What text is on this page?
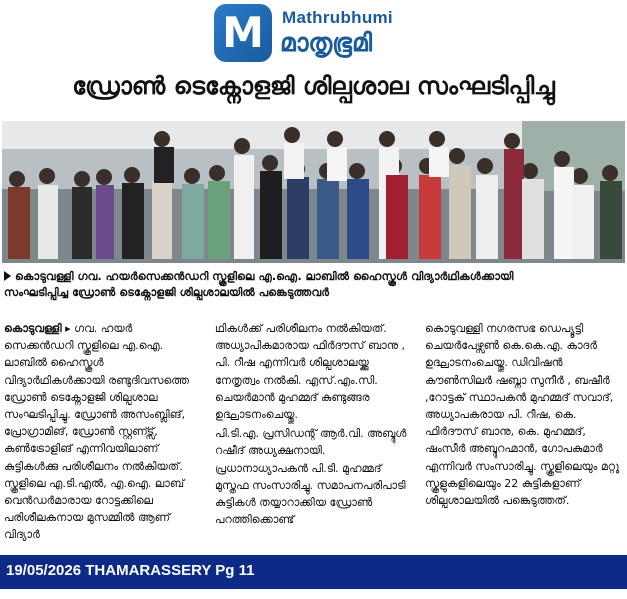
M	Mathrubhumi
മാതൃഭൂമി
ഡ്രോൺ ടെക്നോളജി ശില്പശാല സംഘടിപ്പിച്ചു
കൊടുവള്ളി ഗവ. ഹയർസെക്കൻഡറി സ്കൂളിലെ എ.ഐ. ലാബിൽ ഹൈസ്കൂൾ വിദ്യാർഥികൾക്കായി
സംഘടിപ്പിച്ച ഡ്രോൺ ടെക്നോളജി ശില്പശാലയിൽ പങ്കെടുത്തവർ

കൊടുവള്ളി ▸ ഗവ. ഹയർ സെക്കൻഡറി സ്കൂളിലെ എ.ഐ. ലാബിൽ ഹൈസ്കൂൾ വിദ്യാർഥികൾക്കായി രണ്ടുദിവസത്തെ ഡ്രോൺ ടെക്നോളജി ശില്പശാല സംഘടിപ്പിച്ചു. ഡ്രോൺ അസംബ്ലിങ്, പ്രോഗ്രാമിങ്, ഡ്രോൺ സ്റ്റണ്ട്സ്, കൺട്രോളിങ് എന്നിവയിലാണ് കുട്ടികൾക്കു പരിശീലനം നൽകിയത്. സ്കൂളിലെ എ.ടി.എൽ, എ.ഐ. ലാബ് വെൻഡർമാരായ റോട്ടക്കിലെ പരിശീലകനായ മുസമ്മിൽ ആണ് വിദ്യാർ

ഥികൾക്ക് പരിശീലനം നൽകിയത്. അധ്യാപികമാരായ ഫിർദൗസ് ബാനു , പി. റീഷ എന്നിവർ ശില്പശാലയ്ക്കു നേതൃത്വം നൽകി. എസ്.എം.സി. ചെയർമാൻ മുഹമ്മദ് കുണ്ടുങ്ങര ഉദ്ഘാടനംചെയ്തു.

പി.ടി.എ. പ്രസിഡന്റ് ആർ.വി. അബ്ദുൾ റഷീദ് അധ്യക്ഷനായി. പ്രധാനാധ്യാപകൻ പി.ടി. മുഹമ്മദ് മുസ്തഫ സംസാരിച്ചു. സമാപനപരിപാടി കുട്ടികൾ തയ്യാറാക്കിയ ഡ്രോൺ പറത്തിക്കൊണ്ട്

കൊടുവള്ളി നഗരസഭ ഡെപ്യൂട്ടി ചെയർപേഴ്സൺ കെ.കെ.എ. കാദർ ഉദ്ഘാടനംചെയ്തു. ഡിവിഷൻ കൗൺസിലർ ഷബ്നാ സുനീർ , ബഷീർ ,റോട്ടക് സ്ഥാപകൻ മുഹമ്മദ് സവാദ്, അധ്യാപകരായ പി. റീഷ, കെ. ഫിർദൗസ് ബാനു, കെ. മുഹമ്മദ്, ഷംസീർ അബ്ദുറഹ്മാൻ, ഗോപകുമാർ എന്നിവർ സംസാരിച്ചു. സ്കൂളിലെയും മറ്റു സ്കൂളുകളിലെയും 22 കുട്ടികളാണ് ശില്പശാലയിൽ പങ്കെടുത്തത്.

19/05/2026 THAMARASSERY Pg 11
